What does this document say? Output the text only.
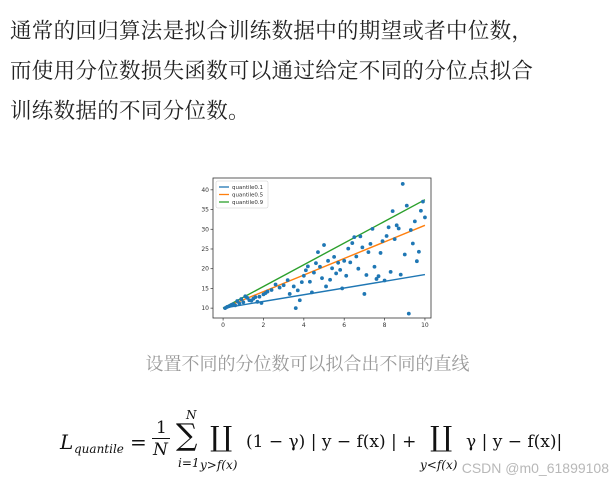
通常的回归算法是拟合训练数据中的期望或者中位数，
而使用分位数损失函数可以通过给定不同的分位点拟合
训练数据的不同分位数。
0	2	4	6	8	10
10
15
20
25
30
35
40	quantile0.1
quantile0.5
quantile0.9
设置不同的分位数可以拟合出不同的直线
L quantile =
1
N
N
∑
i=1
∐
y>f(x)
(1 − γ) | y − f(x) | + ∐
y<f(x)
γ | y − f(x)|
CSDN @m0_61899108
